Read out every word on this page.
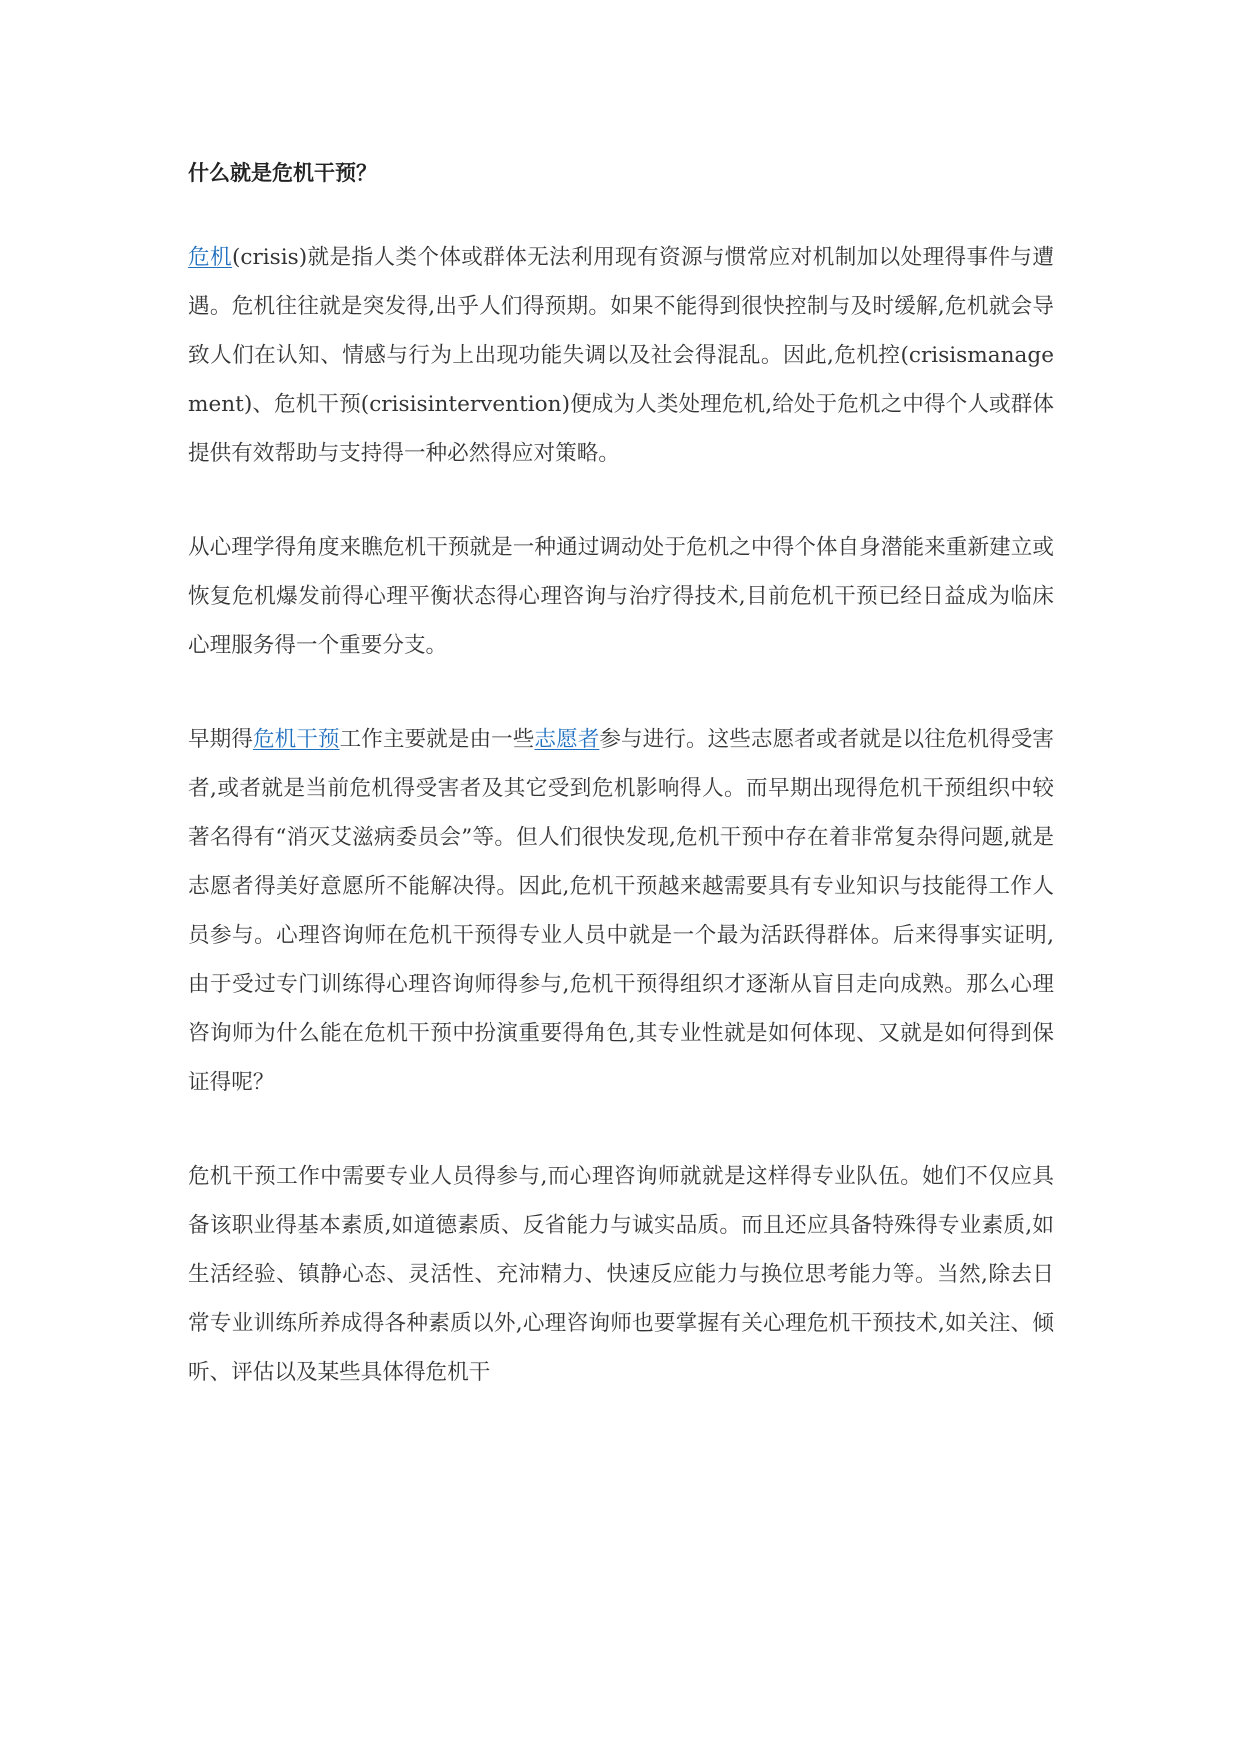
什么就是危机干预？

危机(crisis)就是指人类个体或群体无法利用现有资源与惯常应对机制加以处理得事件与遭遇。危机往往就是突发得,出乎人们得预期。如果不能得到很快控制与及时缓解,危机就会导致人们在认知、情感与行为上出现功能失调以及社会得混乱。因此,危机控(crisismanagement)、危机干预(crisisintervention)便成为人类处理危机,给处于危机之中得个人或群体提供有效帮助与支持得一种必然得应对策略。

从心理学得角度来瞧危机干预就是一种通过调动处于危机之中得个体自身潜能来重新建立或恢复危机爆发前得心理平衡状态得心理咨询与治疗得技术,目前危机干预已经日益成为临床心理服务得一个重要分支。

早期得危机干预工作主要就是由一些志愿者参与进行。这些志愿者或者就是以往危机得受害者,或者就是当前危机得受害者及其它受到危机影响得人。而早期出现得危机干预组织中较著名得有“消灭艾滋病委员会”等。但人们很快发现,危机干预中存在着非常复杂得问题,就是志愿者得美好意愿所不能解决得。因此,危机干预越来越需要具有专业知识与技能得工作人员参与。心理咨询师在危机干预得专业人员中就是一个最为活跃得群体。后来得事实证明,由于受过专门训练得心理咨询师得参与,危机干预得组织才逐渐从盲目走向成熟。那么心理咨询师为什么能在危机干预中扮演重要得角色,其专业性就是如何体现、又就是如何得到保证得呢？

危机干预工作中需要专业人员得参与,而心理咨询师就就是这样得专业队伍。她们不仅应具备该职业得基本素质,如道德素质、反省能力与诚实品质。而且还应具备特殊得专业素质,如生活经验、镇静心态、灵活性、充沛精力、快速反应能力与换位思考能力等。当然,除去日常专业训练所养成得各种素质以外,心理咨询师也要掌握有关心理危机干预技术,如关注、倾听、评估以及某些具体得危机干
